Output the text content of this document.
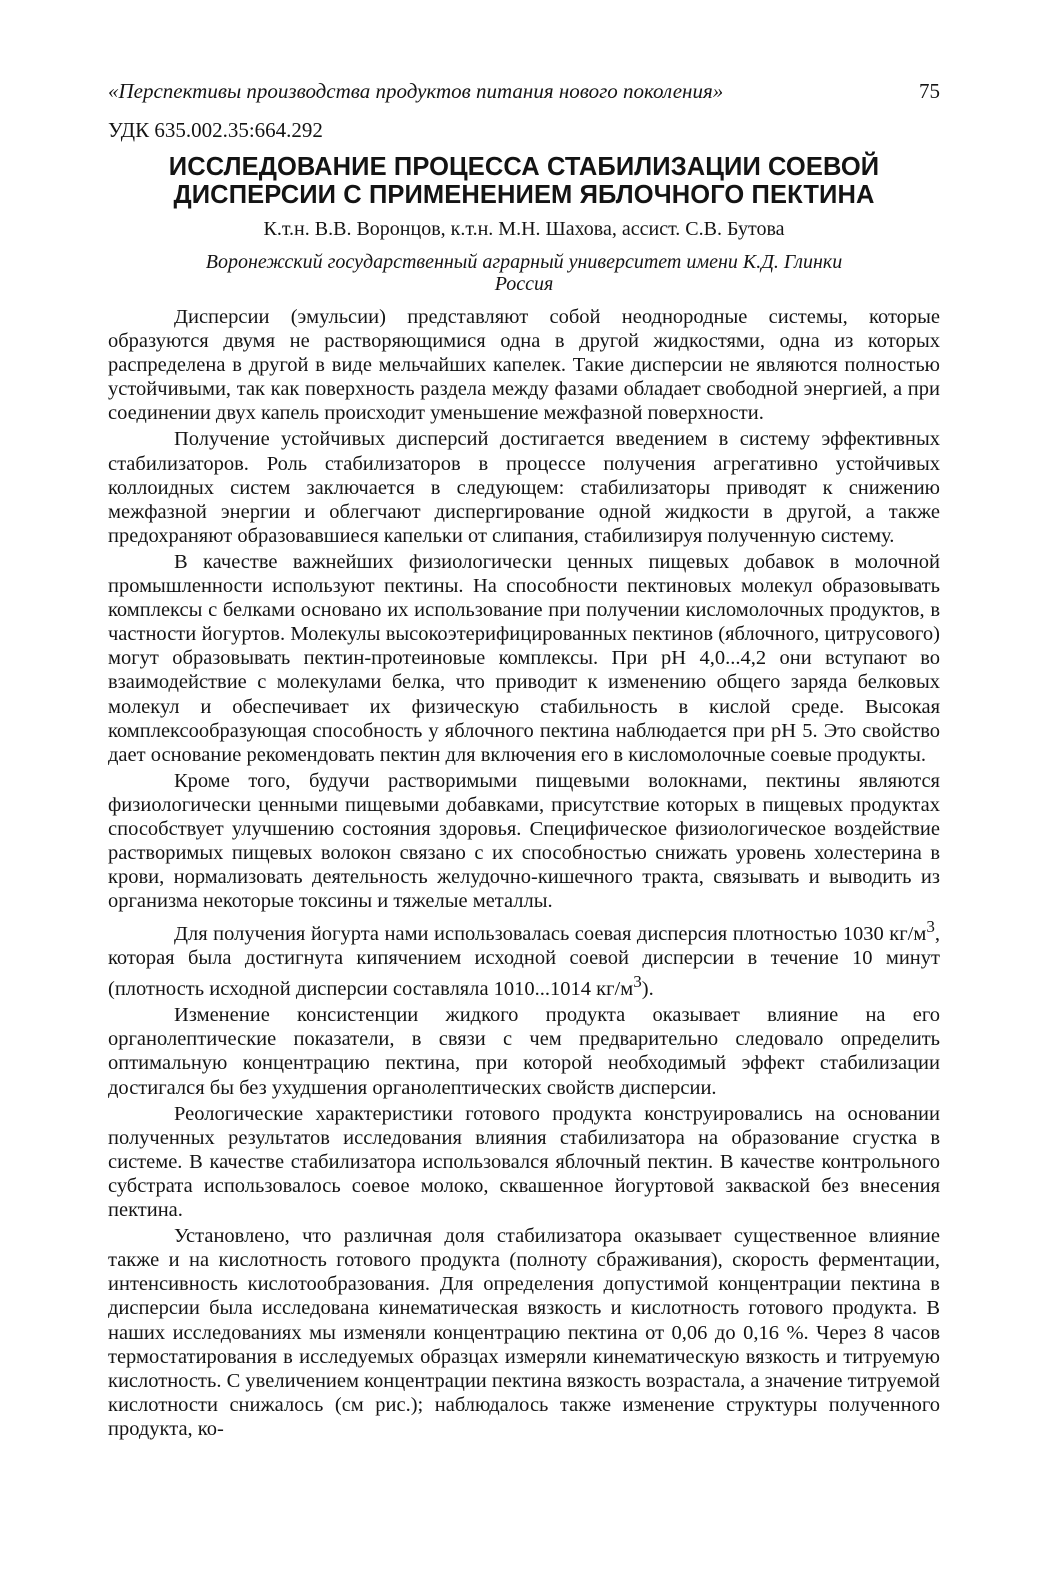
«Перспективы производства продуктов питания нового поколения»	75
УДК 635.002.35:664.292
ИССЛЕДОВАНИЕ ПРОЦЕССА СТАБИЛИЗАЦИИ СОЕВОЙ
ДИСПЕРСИИ С ПРИМЕНЕНИЕМ ЯБЛОЧНОГО ПЕКТИНА
К.т.н. В.В. Воронцов, к.т.н. М.Н. Шахова, ассист. С.В. Бутова
Воронежский государственный аграрный университет имени К.Д. Глинки
Россия

Дисперсии (эмульсии) представляют собой неоднородные системы, которые образуются двумя не растворяющимися одна в другой жидкостями, одна из которых распределена в другой в виде мельчайших капелек. Такие дисперсии не являются полностью устойчивыми, так как поверхность раздела между фазами обладает свободной энергией, а при соединении двух капель происходит уменьшение межфазной поверхности.

Получение устойчивых дисперсий достигается введением в систему эффективных стабилизаторов. Роль стабилизаторов в процессе получения агрегативно устойчивых коллоидных систем заключается в следующем: стабилизаторы приводят к снижению межфазной энергии и облегчают диспергирование одной жидкости в другой, а также предохраняют образовавшиеся капельки от слипания, стабилизируя полученную систему.

В качестве важнейших физиологически ценных пищевых добавок в молочной промышленности используют пектины. На способности пектиновых молекул образовывать комплексы с белками основано их использование при получении кисломолочных продуктов, в частности йогуртов. Молекулы высокоэтерифицированных пектинов (яблочного, цитрусового) могут образовывать пектин-протеиновые комплексы. При pH 4,0...4,2 они вступают во взаимодействие с молекулами белка, что приводит к изменению общего заряда белковых молекул и обеспечивает их физическую стабильность в кислой среде. Высокая комплексообразующая способность у яблочного пектина наблюдается при pH 5. Это свойство дает основание рекомендовать пектин для включения его в кисломолочные соевые продукты.

Кроме того, будучи растворимыми пищевыми волокнами, пектины являются физиологически ценными пищевыми добавками, присутствие которых в пищевых продуктах способствует улучшению состояния здоровья. Специфическое физиологическое воздействие растворимых пищевых волокон связано с их способностью снижать уровень холестерина в крови, нормализовать деятельность желудочно-кишечного тракта, связывать и выводить из организма некоторые токсины и тяжелые металлы.

Для получения йогурта нами использовалась соевая дисперсия плотностью 1030 $кг/м^3$, которая была достигнута кипячением исходной соевой дисперсии в течение 10 минут (плотность исходной дисперсии составляла 1010...1014 $кг/м^3$).

Изменение консистенции жидкого продукта оказывает влияние на его органолептические показатели, в связи с чем предварительно следовало определить оптимальную концентрацию пектина, при которой необходимый эффект стабилизации достигался бы без ухудшения органолептических свойств дисперсии.

Реологические характеристики готового продукта конструировались на основании полученных результатов исследования влияния стабилизатора на образование сгустка в системе. В качестве стабилизатора использовался яблочный пектин. В качестве контрольного субстрата использовалось соевое молоко, сквашенное йогуртовой закваской без внесения пектина.

Установлено, что различная доля стабилизатора оказывает существенное влияние также и на кислотность готового продукта (полноту сбраживания), скорость ферментации, интенсивность кислотообразования. Для определения допустимой концентрации пектина в дисперсии была исследована кинематическая вязкость и кислотность готового продукта. В наших исследованиях мы изменяли концентрацию пектина от 0,06 до 0,16 %. Через 8 часов термостатирования в исследуемых образцах измеряли кинематическую вязкость и титруемую кислотность. С увеличением концентрации пектина вязкость возрастала, а значение титруемой кислотности снижалось (см рис.); наблюдалось также изменение структуры полученного продукта, ко-
